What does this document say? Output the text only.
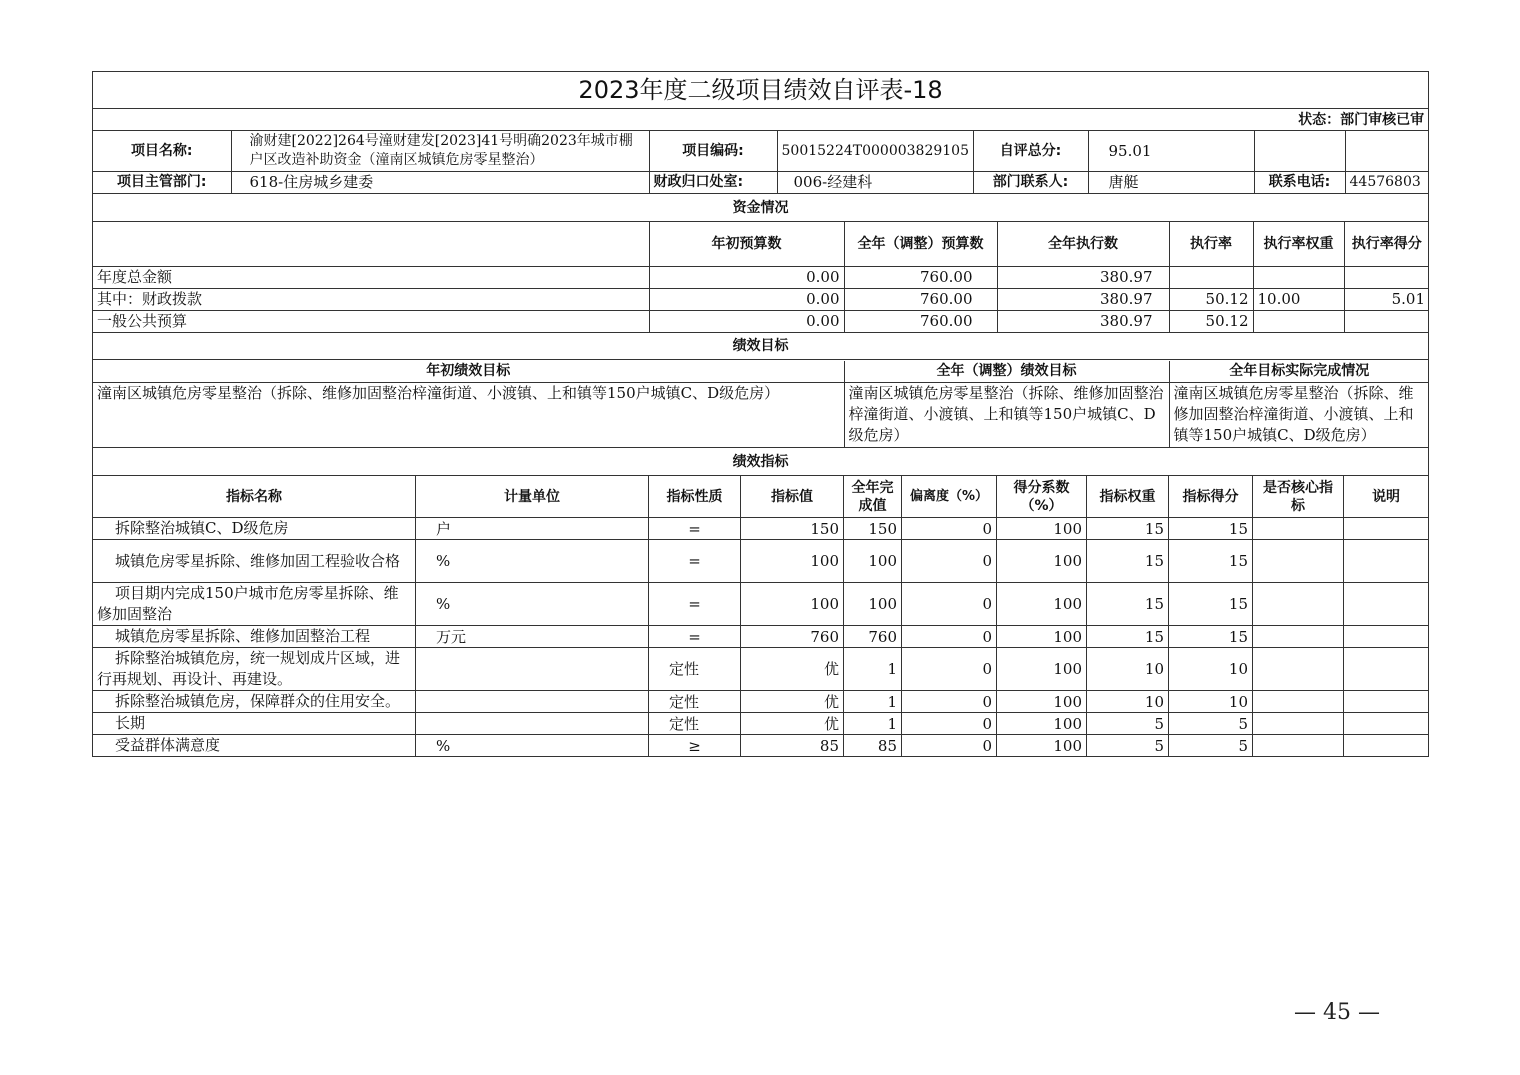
2023年度二级项目绩效自评表-18
状态：部门审核已审

项目名称:	渝财建[2022]264号潼财建发[2023]41号明确2023年城市棚户区改造补助资金（潼南区城镇危房零星整治）	项目编码:	50015224T000003829105	自评总分:	95.01		
项目主管部门:	618-住房城乡建委	财政归口处室:	006-经建科	部门联系人:	唐艇	联系电话:	44576803

资金情况

	年初预算数	全年（调整）预算数	全年执行数	执行率	执行率权重	执行率得分
年度总金额	0.00	760.00	380.97			
其中：财政拨款	0.00	760.00	380.97	50.12	10.00	5.01
一般公共预算	0.00	760.00	380.97	50.12		

绩效目标

年初绩效目标	全年（调整）绩效目标	全年目标实际完成情况
潼南区城镇危房零星整治（拆除、维修加固整治梓潼街道、小渡镇、上和镇等150户城镇C、D级危房）	潼南区城镇危房零星整治（拆除、维修加固整治梓潼街道、小渡镇、上和镇等150户城镇C、D级危房）	潼南区城镇危房零星整治（拆除、维修加固整治梓潼街道、小渡镇、上和镇等150户城镇C、D级危房）

绩效指标
指标名称	计量单位	指标性质	指标值	全年完成值	偏离度（%）	得分系数（%）	指标权重	指标得分	是否核心指标	说明
拆除整治城镇C、D级危房	户	=	150	150	0	100	15	15		
城镇危房零星拆除、维修加固工程验收合格	%	=	100	100	0	100	15	15		
项目期内完成150户城市危房零星拆除、维修加固整治	%	=	100	100	0	100	15	15		
城镇危房零星拆除、维修加固整治工程	万元	=	760	760	0	100	15	15		
拆除整治城镇危房，统一规划成片区域，进行再规划、再设计、再建设。		定性	优	1	0	100	10	10		
拆除整治城镇危房，保障群众的住用安全。		定性	优	1	0	100	10	10		
长期		定性	优	1	0	100	5	5		
受益群体满意度	%	≥	85	85	0	100	5	5		
— 45 —
